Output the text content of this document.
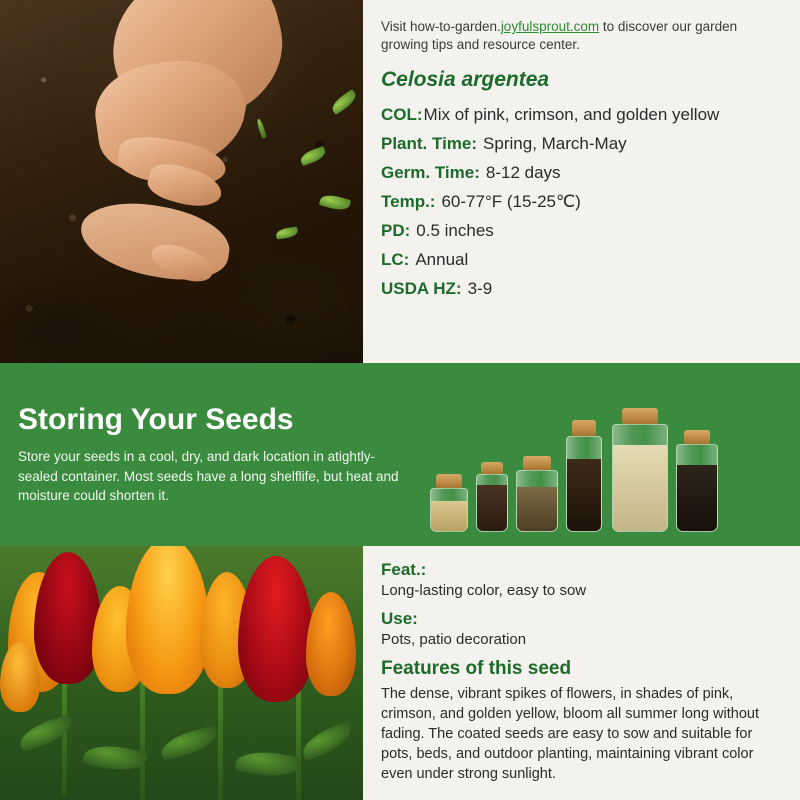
Visit how-to-garden.joyfulsprout.com to discover our garden growing tips and resource center.
Celosia argentea
COL: Mix of pink, crimson, and golden yellow
Plant. Time: Spring, March-May
Germ. Time: 8-12 days
Temp.: 60-77°F (15-25℃)
PD: 0.5 inches
LC: Annual
USDA HZ: 3-9
Storing Your Seeds
Store your seeds in a cool, dry, and dark location in atightly-sealed container. Most seeds have a long shelflife, but heat and moisture could shorten it.
Feat.:
Long-lasting color, easy to sow
Use:
Pots, patio decoration
Features of this seed
The dense, vibrant spikes of flowers, in shades of pink, crimson, and golden yellow, bloom all summer long without fading. The coated seeds are easy to sow and suitable for pots, beds, and outdoor planting, maintaining vibrant color even under strong sunlight.
